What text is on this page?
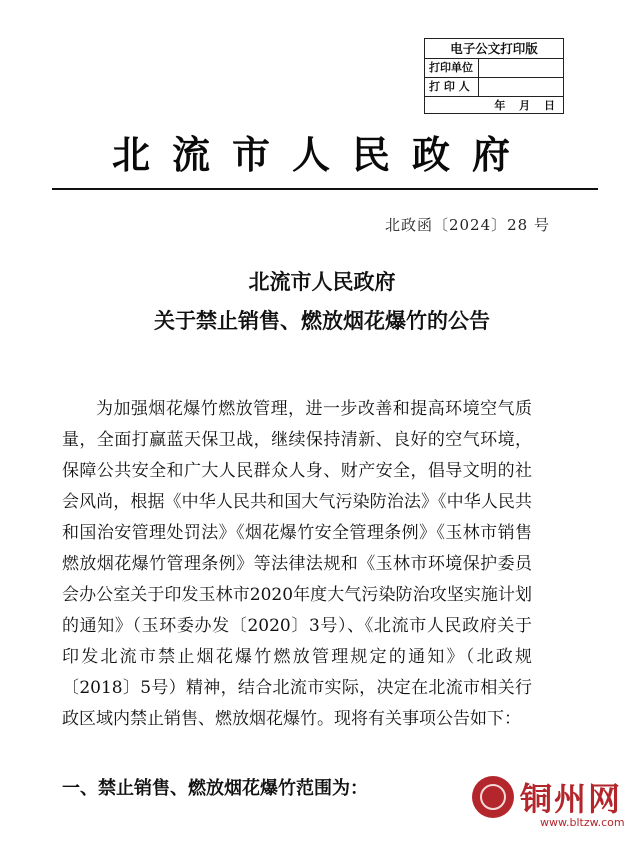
电子公文打印版
打印单位
打 印 人
年 月 日
北流市人民政府
北政函〔2024〕28 号
北流市人民政府
关于禁止销售、燃放烟花爆竹的公告

为加强烟花爆竹燃放管理，进一步改善和提高环境空气质量，全面打赢蓝天保卫战，继续保持清新、良好的空气环境，保障公共安全和广大人民群众人身、财产安全，倡导文明的社会风尚，根据《中华人民共和国大气污染防治法》《中华人民共和国治安管理处罚法》《烟花爆竹安全管理条例》《玉林市销售燃放烟花爆竹管理条例》等法律法规和《玉林市环境保护委员会办公室关于印发玉林市2020年度大气污染防治攻坚实施计划的通知》（玉环委办发〔2020〕3号）、《北流市人民政府关于印发北流市禁止烟花爆竹燃放管理规定的通知》（北政规〔2018〕5号）精神，结合北流市实际，决定在北流市相关行政区域内禁止销售、燃放烟花爆竹。现将有关事项公告如下：

一、禁止销售、燃放烟花爆竹范围为：	铜州网
www.bltzw.com
